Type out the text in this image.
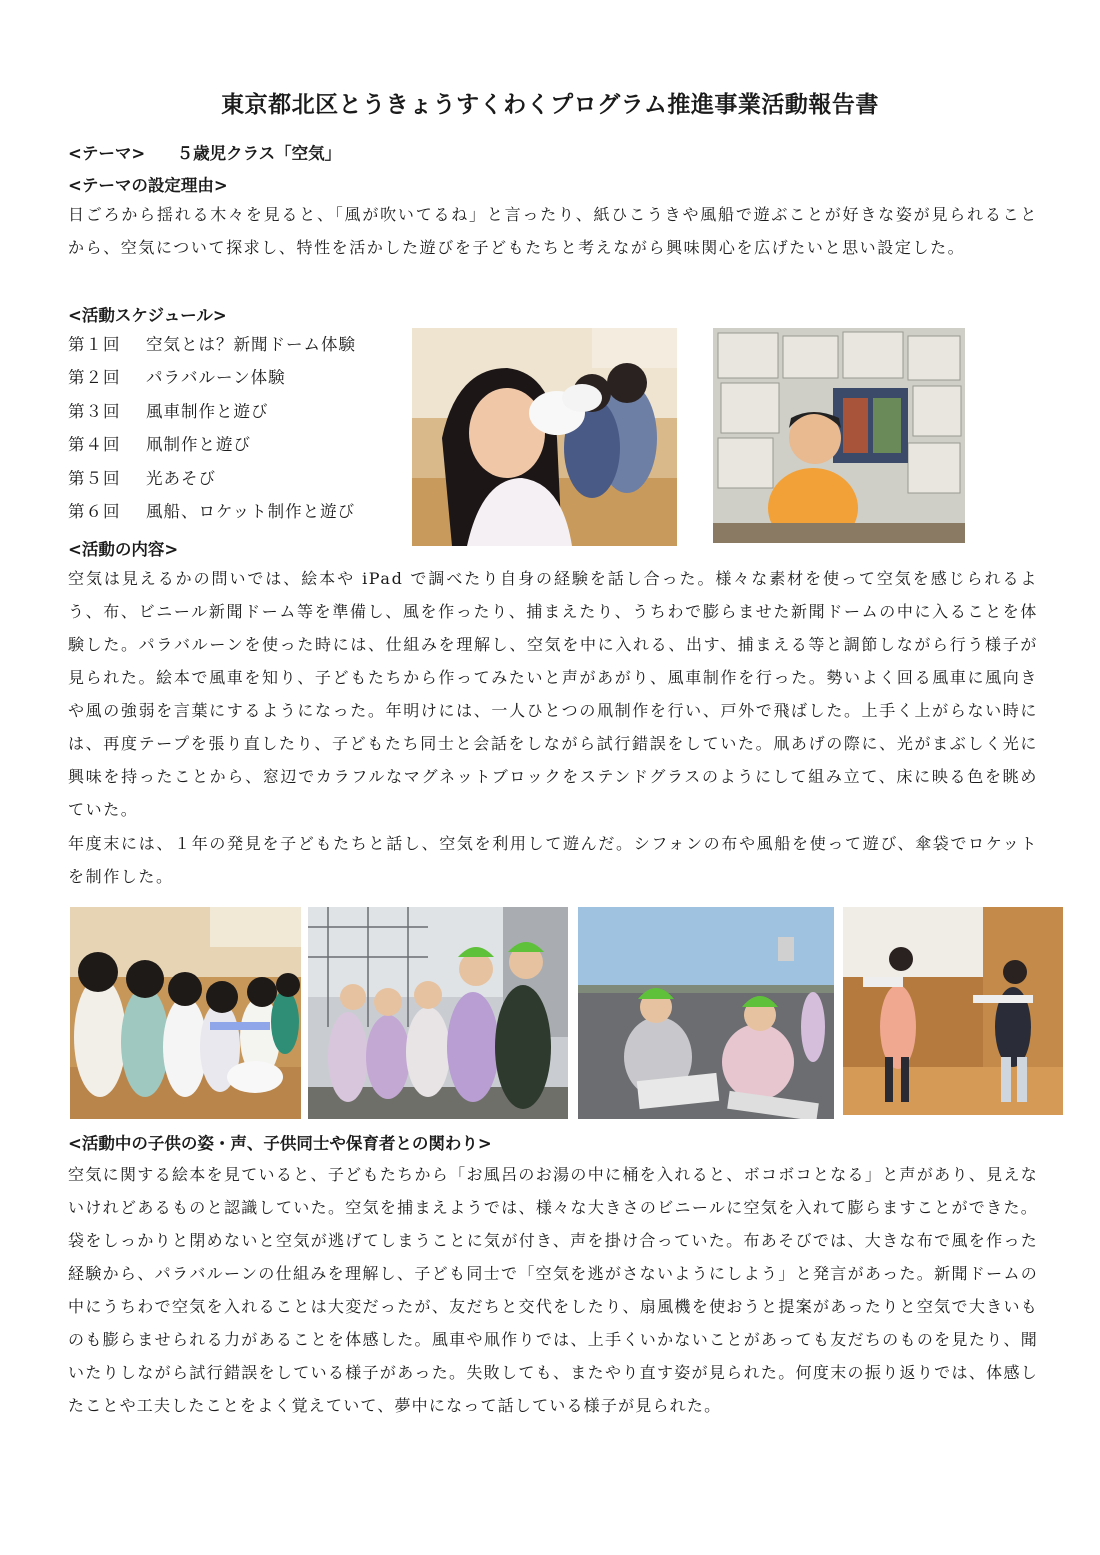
東京都北区とうきょうすくわくプログラム推進事業活動報告書
<テーマ> ５歳児クラス「空気」
<テーマの設定理由>

日ごろから揺れる木々を見ると、「風が吹いてるね」と言ったり、紙ひこうきや風船で遊ぶことが好きな姿が見られることから、空気について探求し、特性を活かした遊びを子どもたちと考えながら興味関心を広げたいと思い設定した。

<活動スケジュール>
第１回 空気とは？新聞ドーム体験
第２回 パラバルーン体験
第３回 風車制作と遊び
第４回 凧制作と遊び
第５回 光あそび
第６回 風船、ロケット制作と遊び
<活動の内容>

空気は見えるかの問いでは、絵本や iPad で調べたり自身の経験を話し合った。様々な素材を使って空気を感じられるよう、布、ビニール新聞ドーム等を準備し、風を作ったり、捕まえたり、うちわで膨らませた新聞ドームの中に入ることを体験した。パラバルーンを使った時には、仕組みを理解し、空気を中に入れる、出す、捕まえる等と調節しながら行う様子が見られた。絵本で風車を知り、子どもたちから作ってみたいと声があがり、風車制作を行った。勢いよく回る風車に風向きや風の強弱を言葉にするようになった。年明けには、一人ひとつの凧制作を行い、戸外で飛ばした。上手く上がらない時には、再度テープを張り直したり、子どもたち同士と会話をしながら試行錯誤をしていた。凧あげの際に、光がまぶしく光に興味を持ったことから、窓辺でカラフルなマグネットブロックをステンドグラスのようにして組み立て、床に映る色を眺めていた。

年度末には、１年の発見を子どもたちと話し、空気を利用して遊んだ。シフォンの布や風船を使って遊び、傘袋でロケットを制作した。

<活動中の子供の姿・声、子供同士や保育者との関わり>

空気に関する絵本を見ていると、子どもたちから「お風呂のお湯の中に桶を入れると、ボコボコとなる」と声があり、見えないけれどあるものと認識していた。空気を捕まえようでは、様々な大きさのビニールに空気を入れて膨らますことができた。袋をしっかりと閉めないと空気が逃げてしまうことに気が付き、声を掛け合っていた。布あそびでは、大きな布で風を作った経験から、パラバルーンの仕組みを理解し、子ども同士で「空気を逃がさないようにしよう」と発言があった。新聞ドームの中にうちわで空気を入れることは大変だったが、友だちと交代をしたり、扇風機を使おうと提案があったりと空気で大きいものも膨らませられる力があることを体感した。風車や凧作りでは、上手くいかないことがあっても友だちのものを見たり、聞いたりしながら試行錯誤をしている様子があった。失敗しても、またやり直す姿が見られた。何度末の振り返りでは、体感したことや工夫したことをよく覚えていて、夢中になって話している様子が見られた。
